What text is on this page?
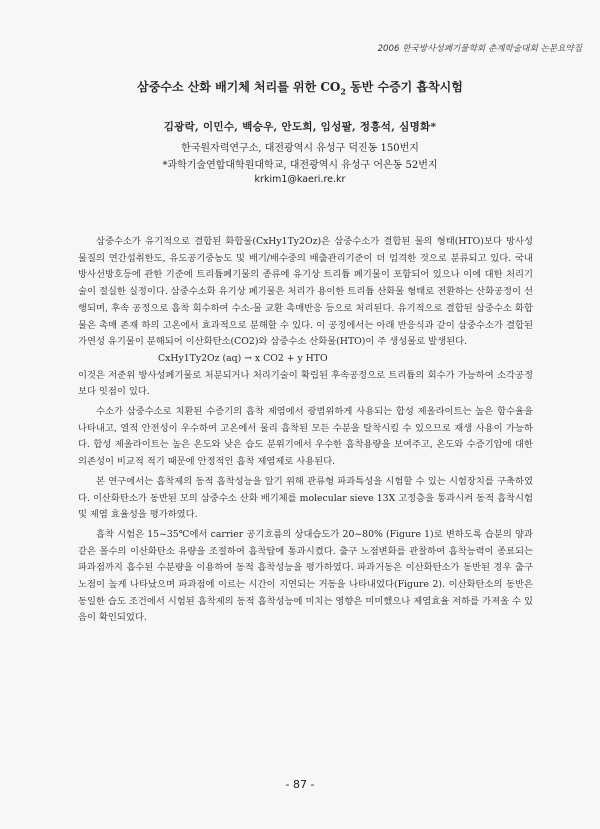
2006 한국방사성폐기물학회 춘계학술대회 논문요약집
삼중수소 산화 배기체 처리를 위한 $CO_2$ 동반 수증기 흡착시험
김광락, 이민수, 백승우, 안도희, 임성팔, 정흥석, 심명화*
한국원자력연구소, 대전광역시 유성구 덕진동 150번지
*과학기술연합대학원대학교, 대전광역시 유성구 어은동 52번지
krkim1@kaeri.re.kr

삼중수소가 유기적으로 결합된 화합물(CxHy1Ty2Oz)은 삼중수소가 결합된 물의 형태(HTO)보다 방사성 물질의 연간섭취한도, 유도공기중농도 및 배기/배수중의 배출관리기준이 더 엄격한 것으로 분류되고 있다. 국내 방사선방호등에 관한 기준에 트리튬폐기물의 종류에 유기상 트리튬 폐기물이 포함되어 있으나 이에 대한 처리기술이 절실한 실정이다. 삼중수소화 유기상 폐기물은 처리가 용이한 트리튬 산화물 형태로 전환하는 산화공정이 선행되며, 후속 공정으로 흡착 회수하여 수소-물 교환 촉매반응 등으로 처리된다. 유기적으로 결합된 삼중수소 화합물은 촉매 존재 하의 고온에서 효과적으로 분해할 수 있다. 이 공정에서는 아래 반응식과 같이 삼중수소가 결합된 가연성 유기물이 분해되어 이산화탄소(CO2)와 삼중수소 산화물(HTO)이 주 생성물로 발생된다.

CxHy1Ty2Oz (aq) → x CO2 + y HTO

이것은 저준위 방사성폐기물로 처분되거나 처리기술이 확립된 후속공정으로 트리튬의 회수가 가능하여 소각공정보다 잇점이 있다.

수소가 삼중수소로 치환된 수증기의 흡착 제염에서 광범위하게 사용되는 합성 제올라이트는 높은 함수율을 나타내고, 열적 안전성이 우수하여 고온에서 물리 흡착된 모든 수분을 탈착시킬 수 있으므로 재생 사용이 가능하다. 합성 제올라이트는 높은 온도와 낮은 습도 분위기에서 우수한 흡착용량을 보여주고, 온도와 수증기압에 대한 의존성이 비교적 적기 때문에 안정적인 흡착 제염제로 사용된다.

본 연구에서는 흡착제의 동적 흡착성능을 알기 위해 관류형 파과특성을 시험할 수 있는 시험장치를 구축하였다. 이산화탄소가 동반된 모의 삼중수소 산화 배기체를 molecular sieve 13X 고정층을 통과시켜 동적 흡착시험 및 제염 효율성을 평가하였다.

흡착 시험은 15~35℃에서 carrier 공기흐름의 상대습도가 20~80% (Figure 1)로 변하도록 습분의 양과 같은 몰수의 이산화탄소 유량을 조절하여 흡착탑에 통과시켰다. 출구 노점변화를 관찰하여 흡착능력이 종료되는 파과점까지 흡수된 수분량을 이용하여 동적 흡착성능을 평가하였다. 파과거동은 이산화탄소가 동반된 경우 출구 노점이 높게 나타났으며 파과점에 이르는 시간이 지연되는 거동을 나타내었다(Figure 2). 이산화탄소의 동반은 동일한 습도 조건에서 시험된 흡착제의 동적 흡착성능에 미치는 영향은 미미했으나 제염효율 저하를 가져올 수 있음이 확인되었다.

- 87 -
